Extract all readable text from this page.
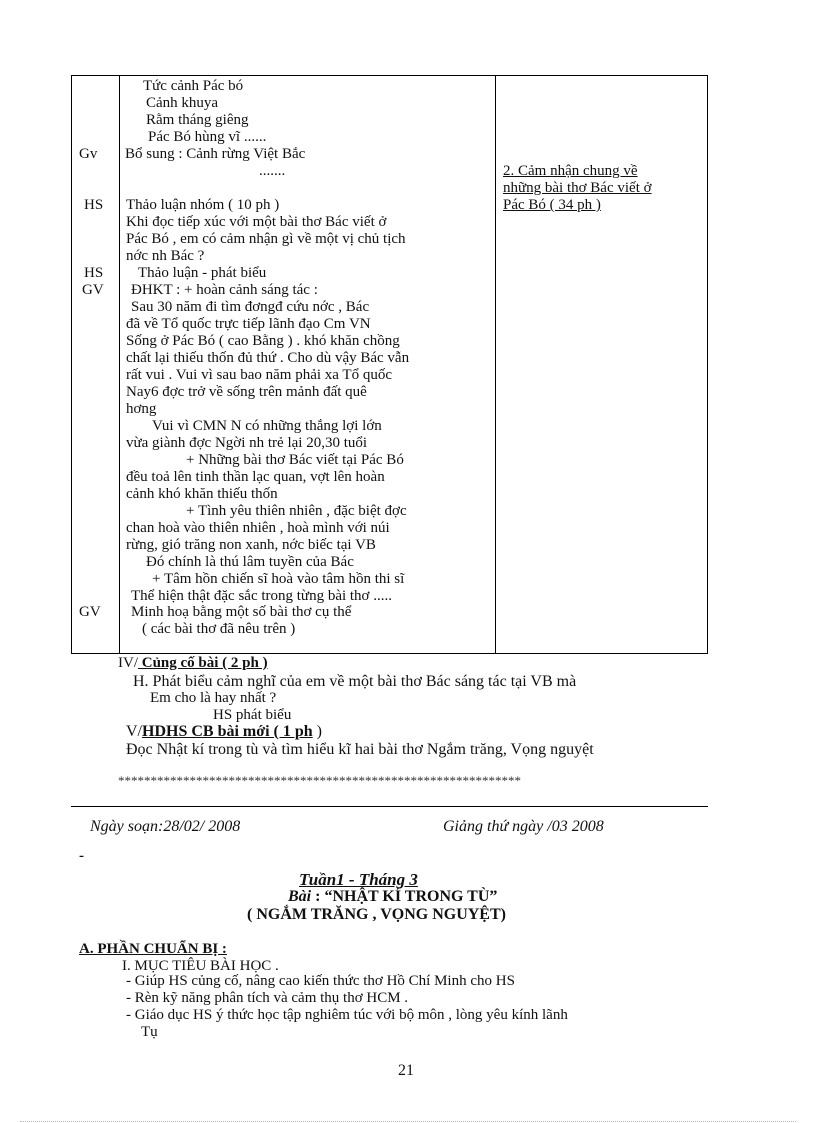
Gv
HS
HS
GV
GV
Tức cảnh Pác bó
Cảnh khuya
Rằm tháng giêng
Pác Bó hùng vĩ ......
Bổ sung : Cảnh rừng Việt Bắc
.......
Thảo luận nhóm ( 10 ph )
Khi đọc tiếp xúc với một bài thơ Bác viết ở
Pác Bó , em có cảm nhận gì về một vị chủ tịch
nớc nh Bác ?
Thảo luận - phát biểu
ĐHKT : + hoàn cảnh sáng tác :
Sau 30 năm đi tìm đơngđ cứu nớc , Bác
đã về Tổ quốc trực tiếp lãnh đạo Cm VN
Sống ở Pác Bó ( cao Bằng ) . khó khăn chồng
chất lại thiếu thốn đủ thứ . Cho dù vậy Bác vẫn
rất vui . Vui vì sau bao năm phải xa Tổ quốc
Nay6 đợc trở về sống trên mảnh đất quê
hơng
Vui vì CMN N có những thắng lợi lớn
vừa giành đợc Ngời nh trẻ lại 20,30 tuổi
+ Những bài thơ Bác viết tại Pác Bó
đều toả lên tinh thần lạc quan, vợt lên hoàn
cảnh khó khăn thiếu thốn
+ Tình yêu thiên nhiên , đặc biệt đợc
chan hoà vào thiên nhiên , hoà mình với núi
rừng, gió trăng non xanh, nớc biếc tại VB
Đó chính là thú lâm tuyền của Bác
+ Tâm hồn chiến sĩ hoà vào tâm hồn thi sĩ
Thể hiện thật đặc sắc trong từng bài thơ .....
Minh hoạ bằng một số bài thơ cụ thể
( các bài thơ đã nêu trên )
2. Cảm nhận chung về
những bài thơ Bác viết ở
Pác Bó ( 34 ph )
IV/ Củng cố bài ( 2 ph )
H. Phát biểu cảm nghĩ của em về một bài thơ Bác sáng tác tại VB mà
Em cho là hay nhất ?
HS phát biểu
V/HDHS CB bài mới ( 1 ph )
Đọc Nhật kí trong tù và tìm hiểu kĩ hai bài thơ Ngắm trăng, Vọng nguyệt
**************************************************************
Ngày soạn:28/02/ 2008	Giảng thứ ngày /03 2008
-
Tuần1 - Tháng 3
Bài : “NHẬT KÍ TRONG TÙ”
( NGẮM TRĂNG , VỌNG NGUYỆT)
A. PHẦN CHUẨN BỊ :
I. MỤC TIÊU BÀI HỌC .
- Giúp HS củng cố, nâng cao kiến thức thơ Hồ Chí Minh cho HS
- Rèn kỹ năng phân tích và cảm thụ thơ HCM .
- Giáo dục HS ý thức học tập nghiêm túc với bộ môn , lòng yêu kính lãnh
Tụ
21
